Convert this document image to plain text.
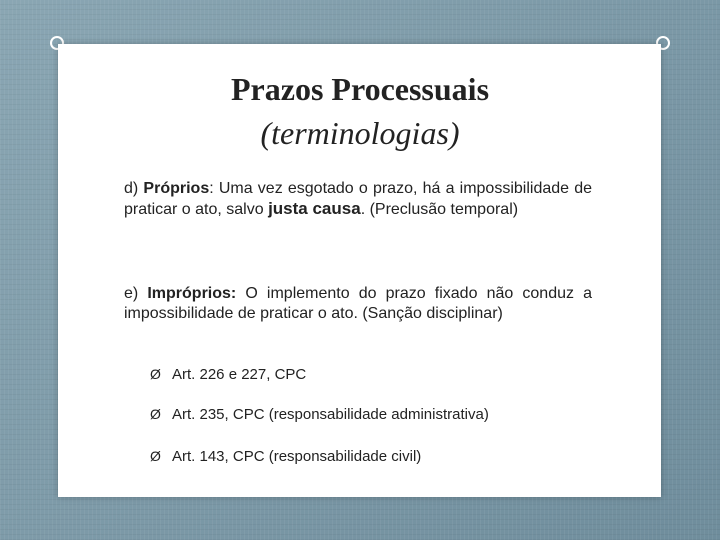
Prazos Processuais
(terminologias)
d) Próprios: Uma vez esgotado o prazo, há a impossibilidade de praticar o ato, salvo justa causa. (Preclusão temporal)
e) Impróprios: O implemento do prazo fixado não conduz a impossibilidade de praticar o ato. (Sanção disciplinar)
Ø Art. 226 e 227, CPC
Ø Art. 235, CPC (responsabilidade administrativa)
Ø Art. 143, CPC (responsabilidade civil)
